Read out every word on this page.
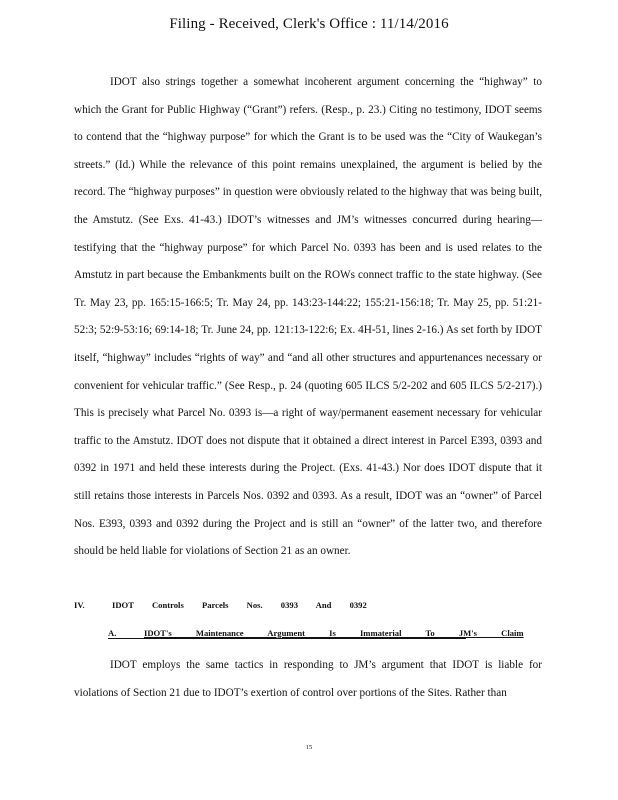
Filing - Received, Clerk's Office : 11/14/2016

IDOT also strings together a somewhat incoherent argument concerning the “highway” to which the Grant for Public Highway (“Grant”) refers. (Resp., p. 23.) Citing no testimony, IDOT seems to contend that the “highway purpose” for which the Grant is to be used was the “City of Waukegan’s streets.” (Id.) While the relevance of this point remains unexplained, the argument is belied by the record. The “highway purposes” in question were obviously related to the highway that was being built, the Amstutz. (See Exs. 41-43.) IDOT’s witnesses and JM’s witnesses concurred during hearing—testifying that the “highway purpose” for which Parcel No. 0393 has been and is used relates to the Amstutz in part because the Embankments built on the ROWs connect traffic to the state highway. (See Tr. May 23, pp. 165:15-166:5; Tr. May 24, pp. 143:23-144:22; 155:21-156:18; Tr. May 25, pp. 51:21-52:3; 52:9-53:16; 69:14-18; Tr. June 24, pp. 121:13-122:6; Ex. 4H-51, lines 2-16.) As set forth by IDOT itself, “highway” includes “rights of way” and “and all other structures and appurtenances necessary or convenient for vehicular traffic.” (See Resp., p. 24 (quoting 605 ILCS 5/2-202 and 605 ILCS 5/2-217).) This is precisely what Parcel No. 0393 is—a right of way/permanent easement necessary for vehicular traffic to the Amstutz. IDOT does not dispute that it obtained a direct interest in Parcel E393, 0393 and 0392 in 1971 and held these interests during the Project. (Exs. 41-43.) Nor does IDOT dispute that it still retains those interests in Parcels Nos. 0392 and 0393. As a result, IDOT was an “owner” of Parcel Nos. E393, 0393 and 0392 during the Project and is still an “owner” of the latter two, and therefore should be held liable for violations of Section 21 as an owner.

IV.	IDOT Controls Parcels Nos. 0393 And 0392
A.	IDOT's Maintenance Argument Is Immaterial To JM's Claim

IDOT employs the same tactics in responding to JM’s argument that IDOT is liable for violations of Section 21 due to IDOT’s exertion of control over portions of the Sites. Rather than

15
